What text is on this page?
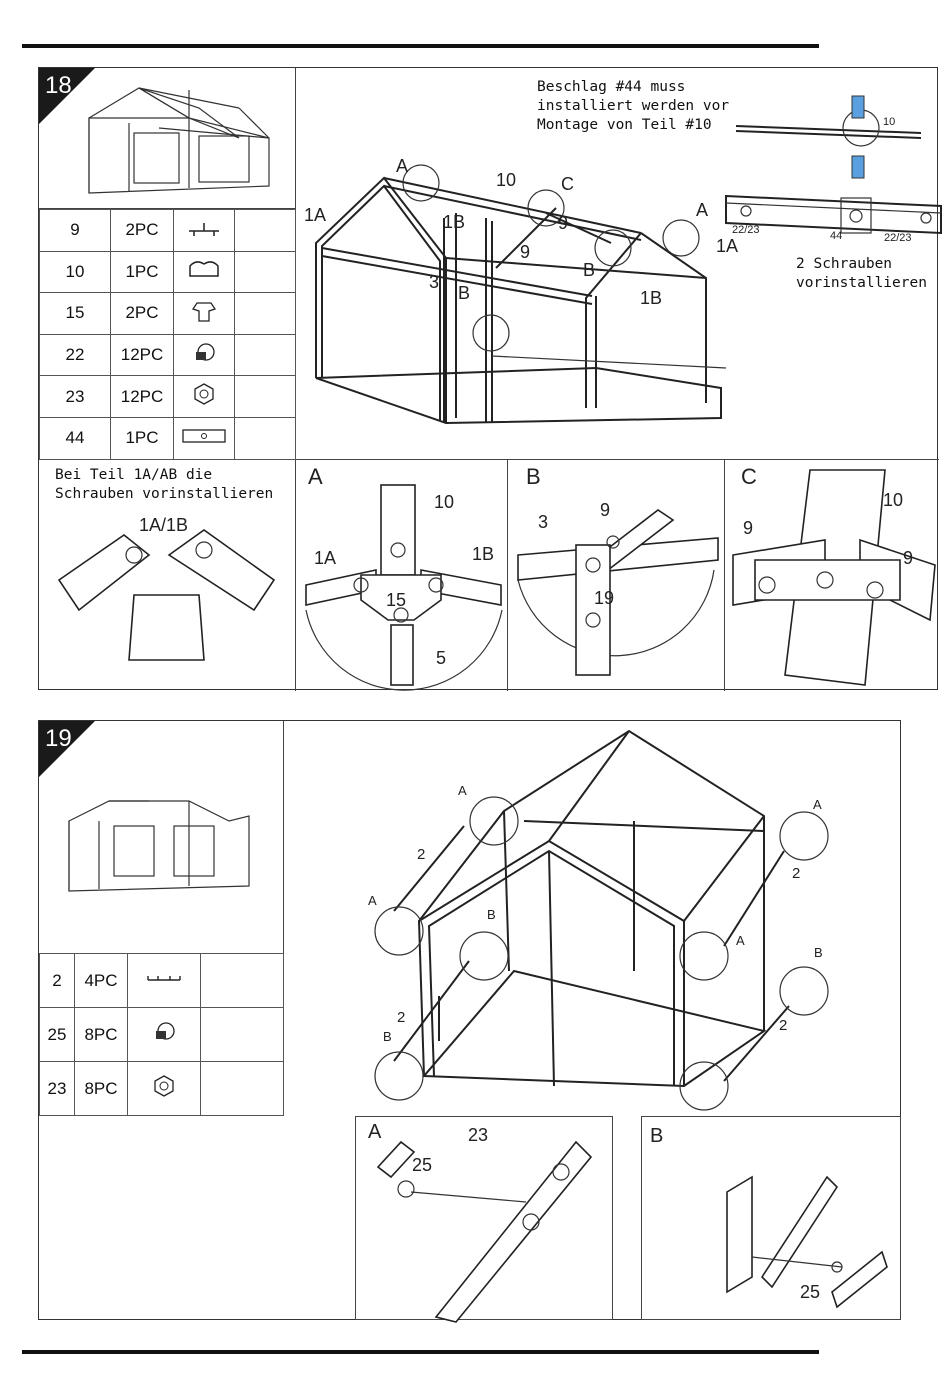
18
9	2PC		
10	1PC		
15	2PC		
22	12PC		
23	12PC		
44	1PC		
A
10 C
A
1A	1B	9
1A
9
B
3
B	1B
Beschlag #44 muss
installiert werden vor
Montage von Teil #10	10
22/23	44	22/23
2 Schrauben
vorinstallieren
Bei Teil 1A/AB die
Schrauben vorinstallieren
1A/1B
A
10
1A	1B
15
5
B
3
9
19
C
9
10
9
19
2	4PC		
25	8PC		
23	8PC		
A
2
A
B
2
B
A
2
A
B
2
A	23
25
B
25
